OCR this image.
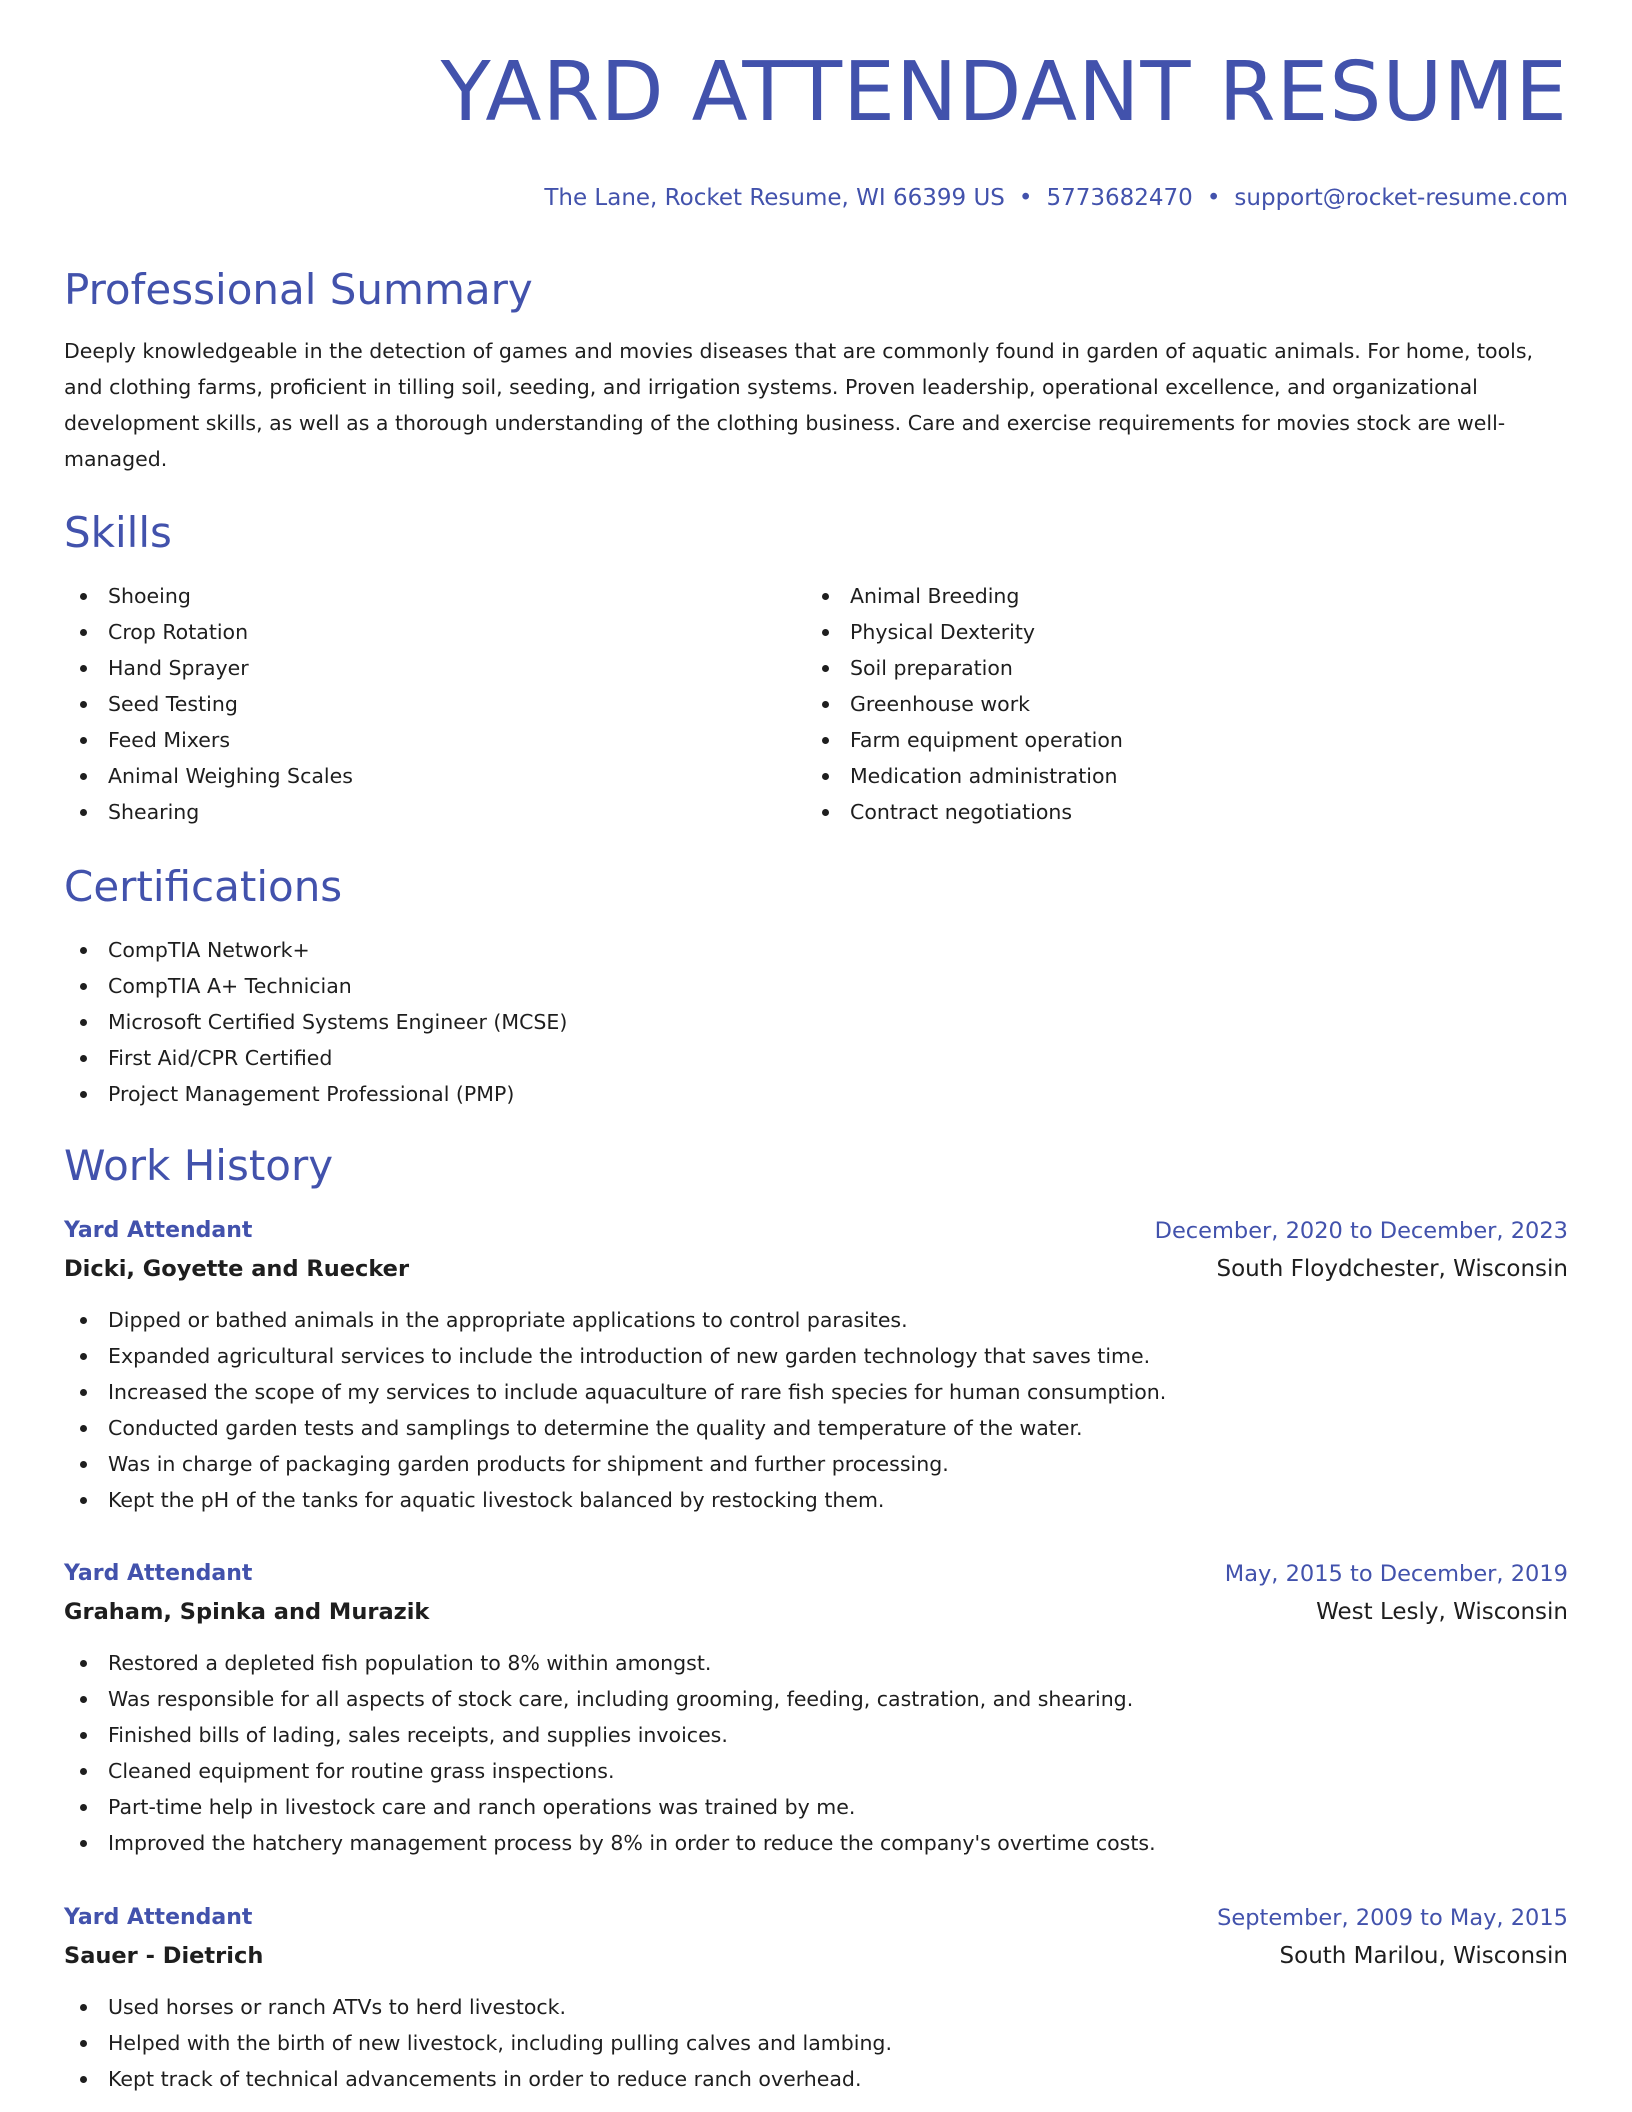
YARD ATTENDANT RESUME
The Lane, Rocket Resume, WI 66399 US • 5773682470 • support@rocket-resume.com
Professional Summary

Deeply knowledgeable in the detection of games and movies diseases that are commonly found in garden of aquatic animals. For home, tools, and clothing farms, proficient in tilling soil, seeding, and irrigation systems. Proven leadership, operational excellence, and organizational development skills, as well as a thorough understanding of the clothing business. Care and exercise requirements for movies stock are well-managed.

Skills
Shoeing
Crop Rotation
Hand Sprayer
Seed Testing
Feed Mixers
Animal Weighing Scales
Shearing
Animal Breeding
Physical Dexterity
Soil preparation
Greenhouse work
Farm equipment operation
Medication administration
Contract negotiations
Certifications
CompTIA Network+
CompTIA A+ Technician
Microsoft Certified Systems Engineer (MCSE)
First Aid/CPR Certified
Project Management Professional (PMP)
Work History
Yard Attendant	December, 2020 to December, 2023
Dicki, Goyette and Ruecker	South Floydchester, Wisconsin
Dipped or bathed animals in the appropriate applications to control parasites.
Expanded agricultural services to include the introduction of new garden technology that saves time.
Increased the scope of my services to include aquaculture of rare fish species for human consumption.
Conducted garden tests and samplings to determine the quality and temperature of the water.
Was in charge of packaging garden products for shipment and further processing.
Kept the pH of the tanks for aquatic livestock balanced by restocking them.
Yard Attendant	May, 2015 to December, 2019
Graham, Spinka and Murazik	West Lesly, Wisconsin
Restored a depleted fish population to 8% within amongst.
Was responsible for all aspects of stock care, including grooming, feeding, castration, and shearing.
Finished bills of lading, sales receipts, and supplies invoices.
Cleaned equipment for routine grass inspections.
Part-time help in livestock care and ranch operations was trained by me.
Improved the hatchery management process by 8% in order to reduce the company's overtime costs.
Yard Attendant	September, 2009 to May, 2015
Sauer - Dietrich	South Marilou, Wisconsin
Used horses or ranch ATVs to herd livestock.
Helped with the birth of new livestock, including pulling calves and lambing.
Kept track of technical advancements in order to reduce ranch overhead.
